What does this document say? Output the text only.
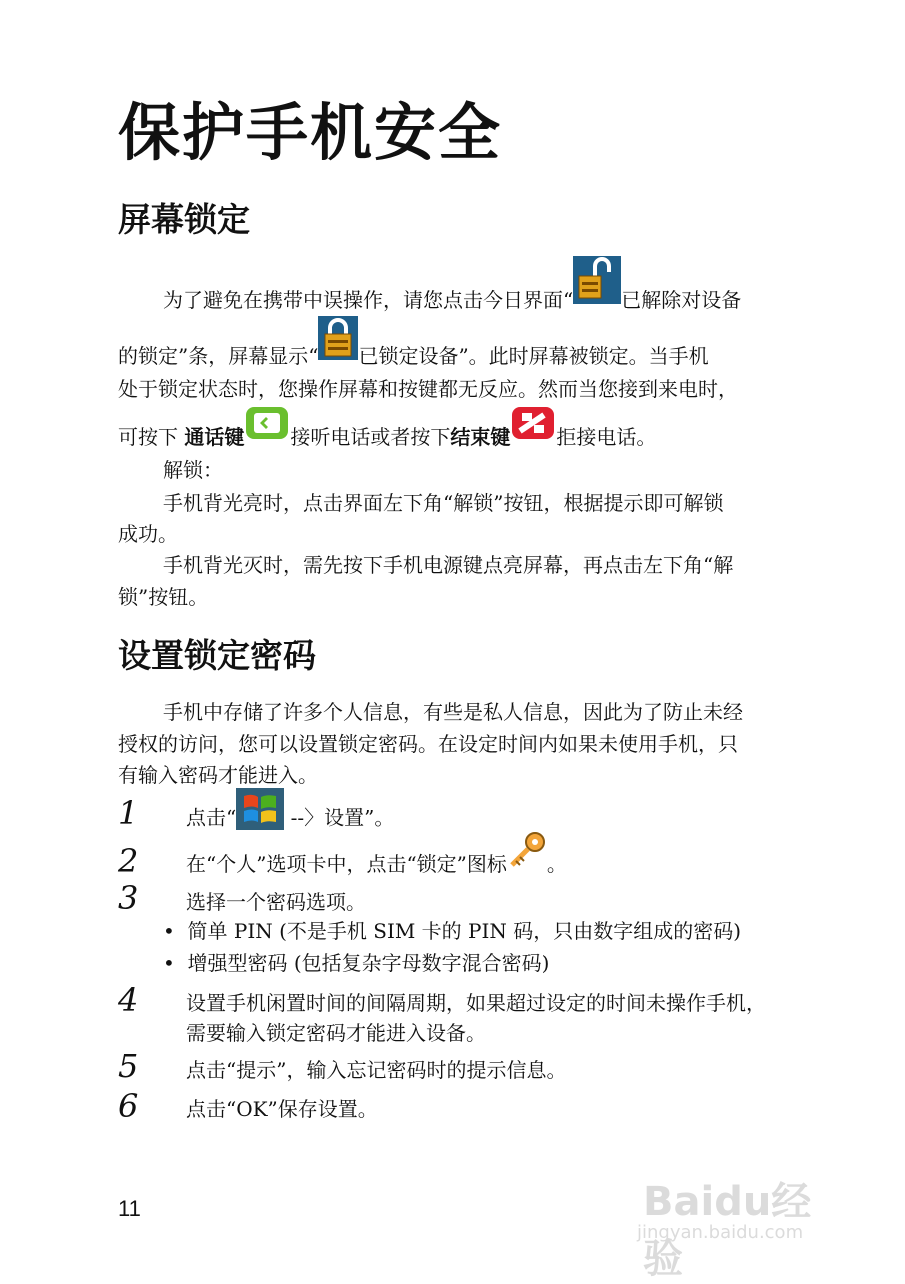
保护手机安全
屏幕锁定
为了避免在携带中误操作，请您点击今日界面“ 已解除对设备
的锁定”条，屏幕显示“ 已锁定设备”。此时屏幕被锁定。当手机
处于锁定状态时，您操作屏幕和按键都无反应。然而当您接到来电时，
可按下 通话键 接听电话或者按下结束键 拒接电话。
解锁：
手机背光亮时，点击界面左下角“解锁”按钮，根据提示即可解锁
成功。
手机背光灭时，需先按下手机电源键点亮屏幕，再点击左下角“解
锁”按钮。
设置锁定密码
手机中存储了许多个人信息，有些是私人信息，因此为了防止未经
授权的访问，您可以设置锁定密码。在设定时间内如果未使用手机，只
有输入密码才能进入。
1 点击“ --〉设置”。
2 在“个人”选项卡中，点击“锁定”图标 。
3 选择一个密码选项。
•  简单 PIN (不是手机 SIM 卡的 PIN 码，只由数字组成的密码)
•  增强型密码 (包括复杂字母数字混合密码)
4 设置手机闲置时间的间隔周期，如果超过设定的时间未操作手机，
需要输入锁定密码才能进入设备。
5 点击“提示”，输入忘记密码时的提示信息。
6 点击“OK”保存设置。
11	Baidu经验
jingyan.baidu.com
